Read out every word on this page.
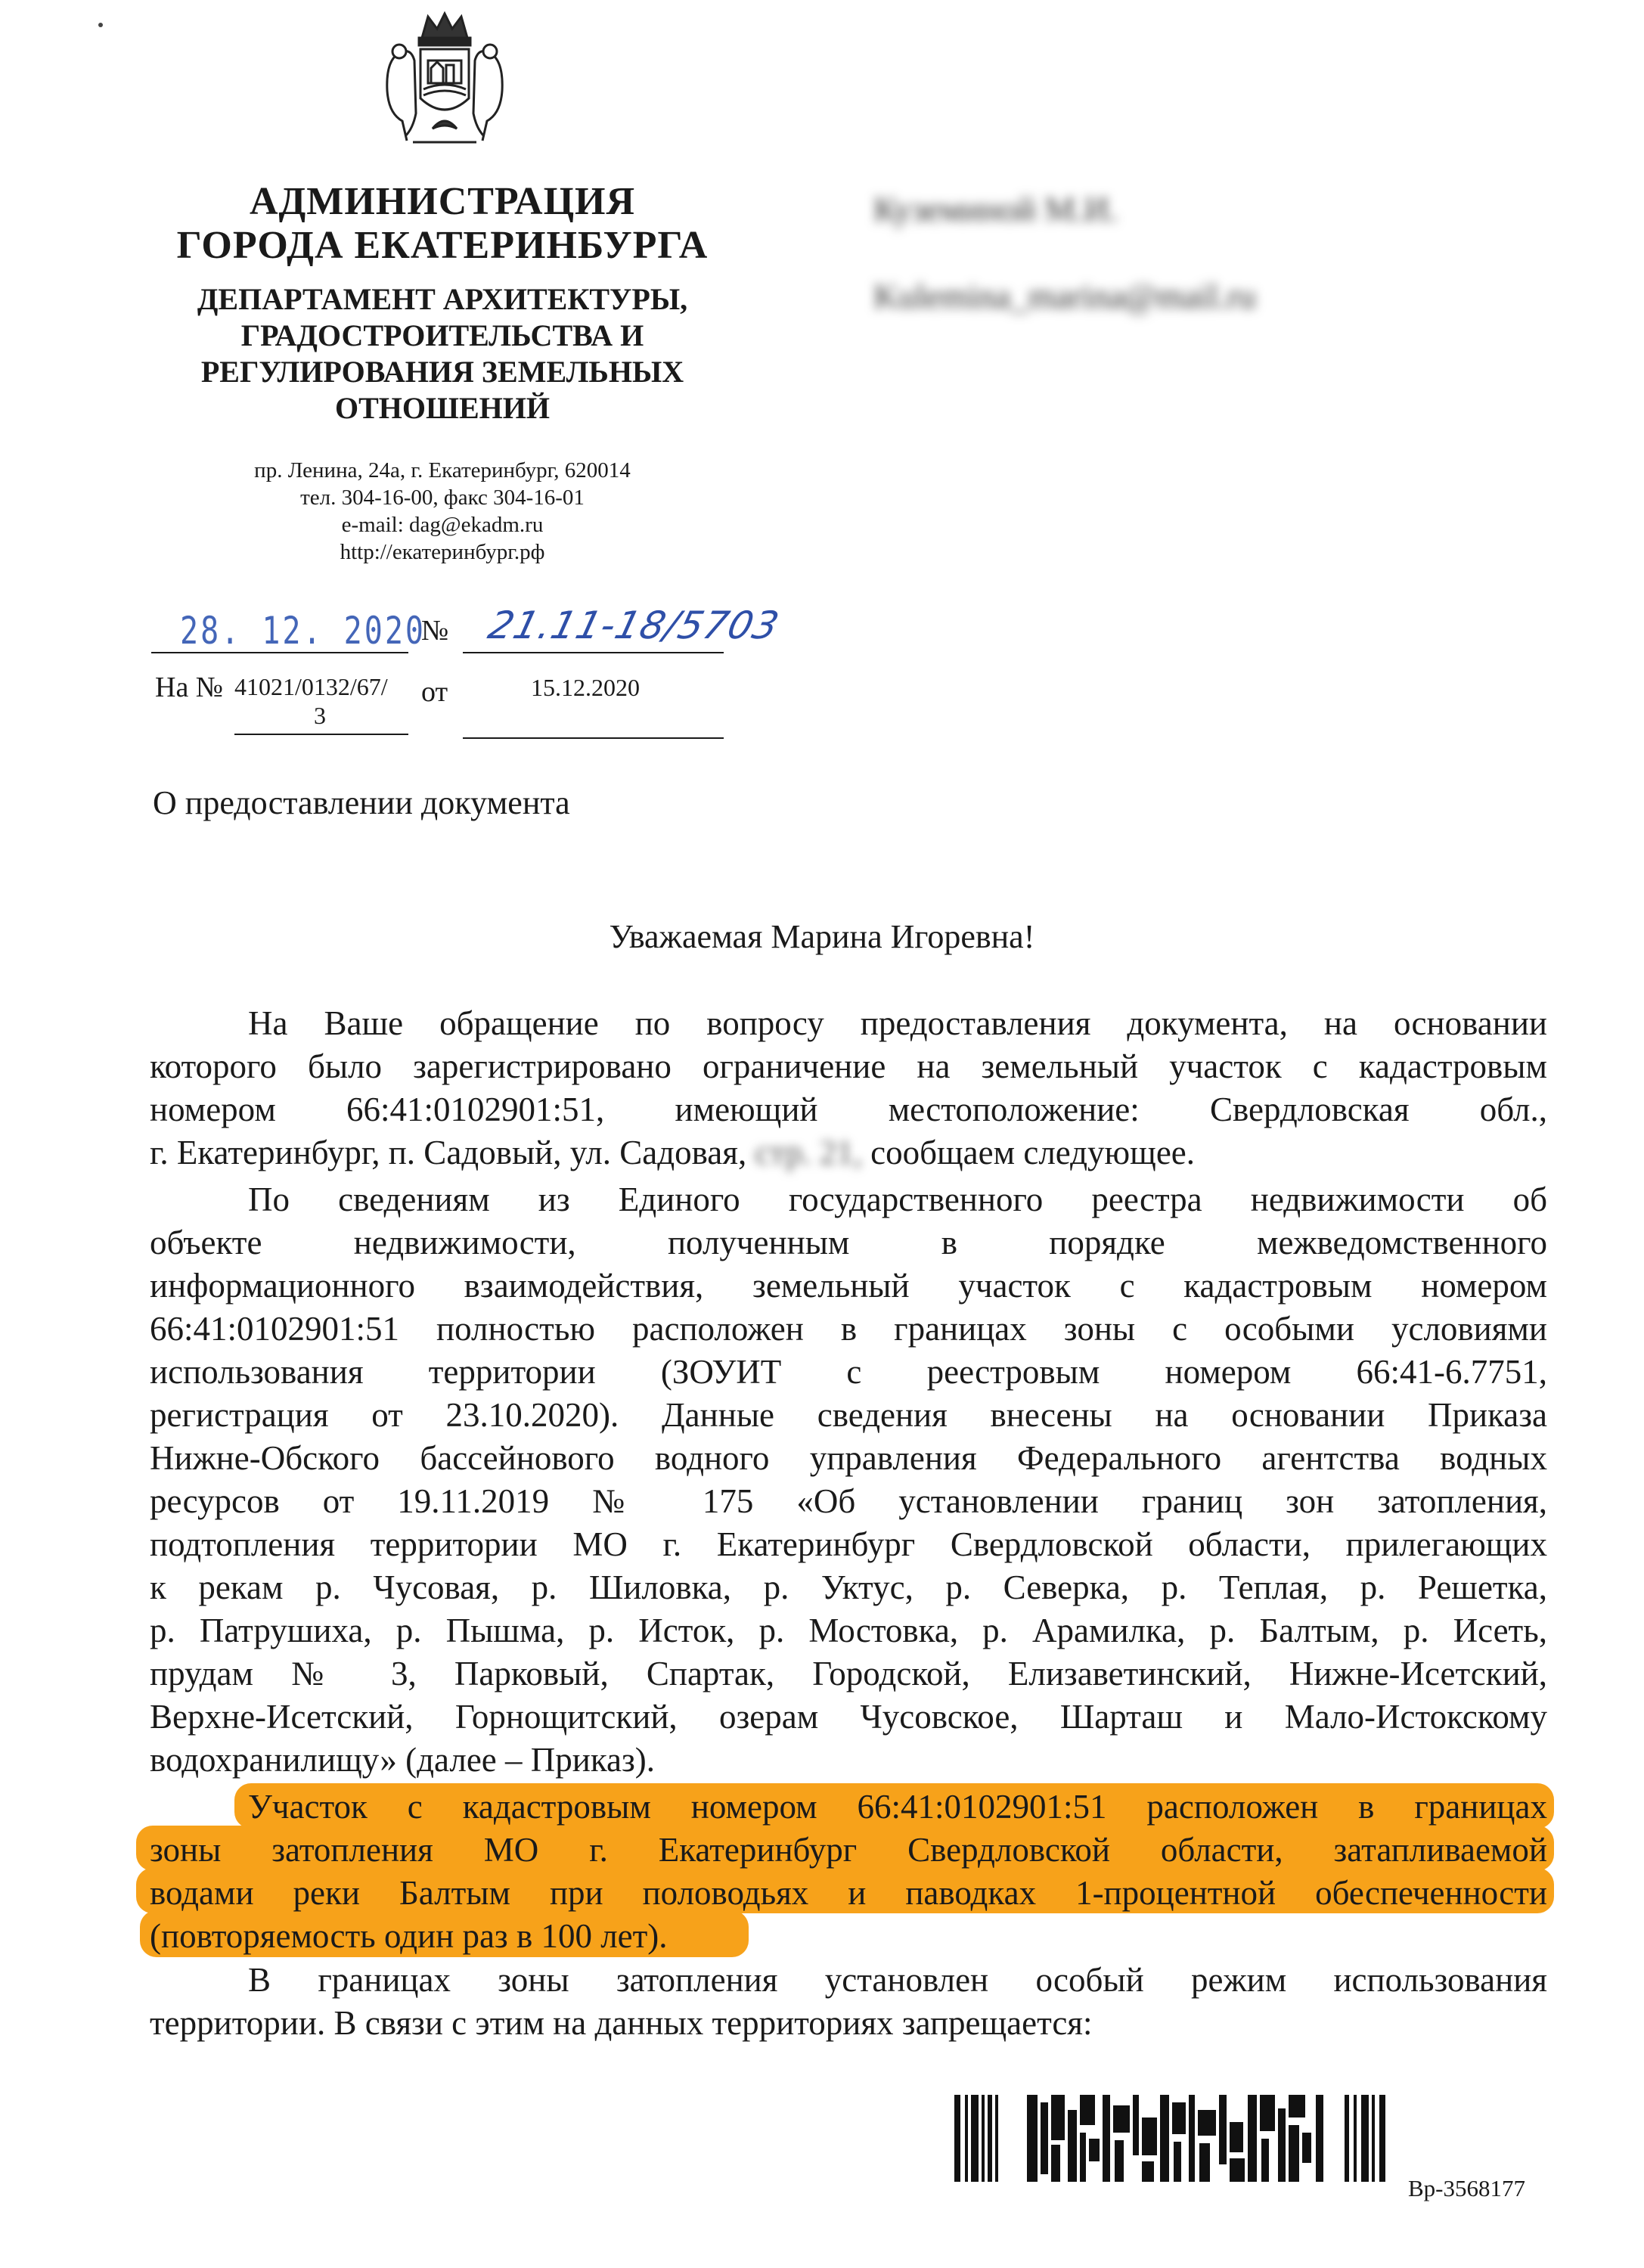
АДМИНИСТРАЦИЯ
ГОРОДА ЕКАТЕРИНБУРГА
ДЕПАРТАМЕНТ АРХИТЕКТУРЫ,
ГРАДОСТРОИТЕЛЬСТВА И
РЕГУЛИРОВАНИЯ ЗЕМЕЛЬНЫХ
ОТНОШЕНИЙ
пр. Ленина, 24а, г. Екатеринбург, 620014
тел. 304-16-00, факс 304-16-01
e-mail: dag@ekadm.ru
http://екатеринбург.рф
Куземиной М.И.
Kulemina_marina@mail.ru
28. 12. 2020
№ 21.11-18/5703
На № 41021/0132/67/
3
от	15.12.2020
О предоставлении документа
Уважаемая Марина Игоревна!
На Ваше обращение по вопросу предоставления документа, на основании
которого было зарегистрировано ограничение на земельный участок с кадастровым
номером 66:41:0102901:51, имеющий местоположение: Свердловская обл.,
г. Екатеринбург, п. Садовый, ул. Садовая, стр. 21, сообщаем следующее.
По сведениям из Единого государственного реестра недвижимости об
объекте недвижимости, полученным в порядке межведомственного
информационного взаимодействия, земельный участок с кадастровым номером
66:41:0102901:51 полностью расположен в границах зоны с особыми условиями
использования территории (ЗОУИТ с реестровым номером 66:41-6.7751,
регистрация от 23.10.2020). Данные сведения внесены на основании Приказа
Нижне-Обского бассейнового водного управления Федерального агентства водных
ресурсов от 19.11.2019 № 175 «Об установлении границ зон затопления,
подтопления территории МО г. Екатеринбург Свердловской области, прилегающих
к рекам р. Чусовая, р. Шиловка, р. Уктус, р. Северка, р. Теплая, р. Решетка,
р. Патрушиха, р. Пышма, р. Исток, р. Мостовка, р. Арамилка, р. Балтым, р. Исеть,
прудам № 3, Парковый, Спартак, Городской, Елизаветинский, Нижне-Исетский,
Верхне-Исетский, Горнощитский, озерам Чусовское, Шарташ и Мало-Истокскому
водохранилищу» (далее – Приказ).
Участок с кадастровым номером 66:41:0102901:51 расположен в границах
зоны затопления МО г. Екатеринбург Свердловской области, затапливаемой
водами реки Балтым при половодьях и паводках 1-процентной обеспеченности
(повторяемость один раз в 100 лет).
В границах зоны затопления установлен особый режим использования
территории. В связи с этим на данных территориях запрещается:
Вр-3568177
